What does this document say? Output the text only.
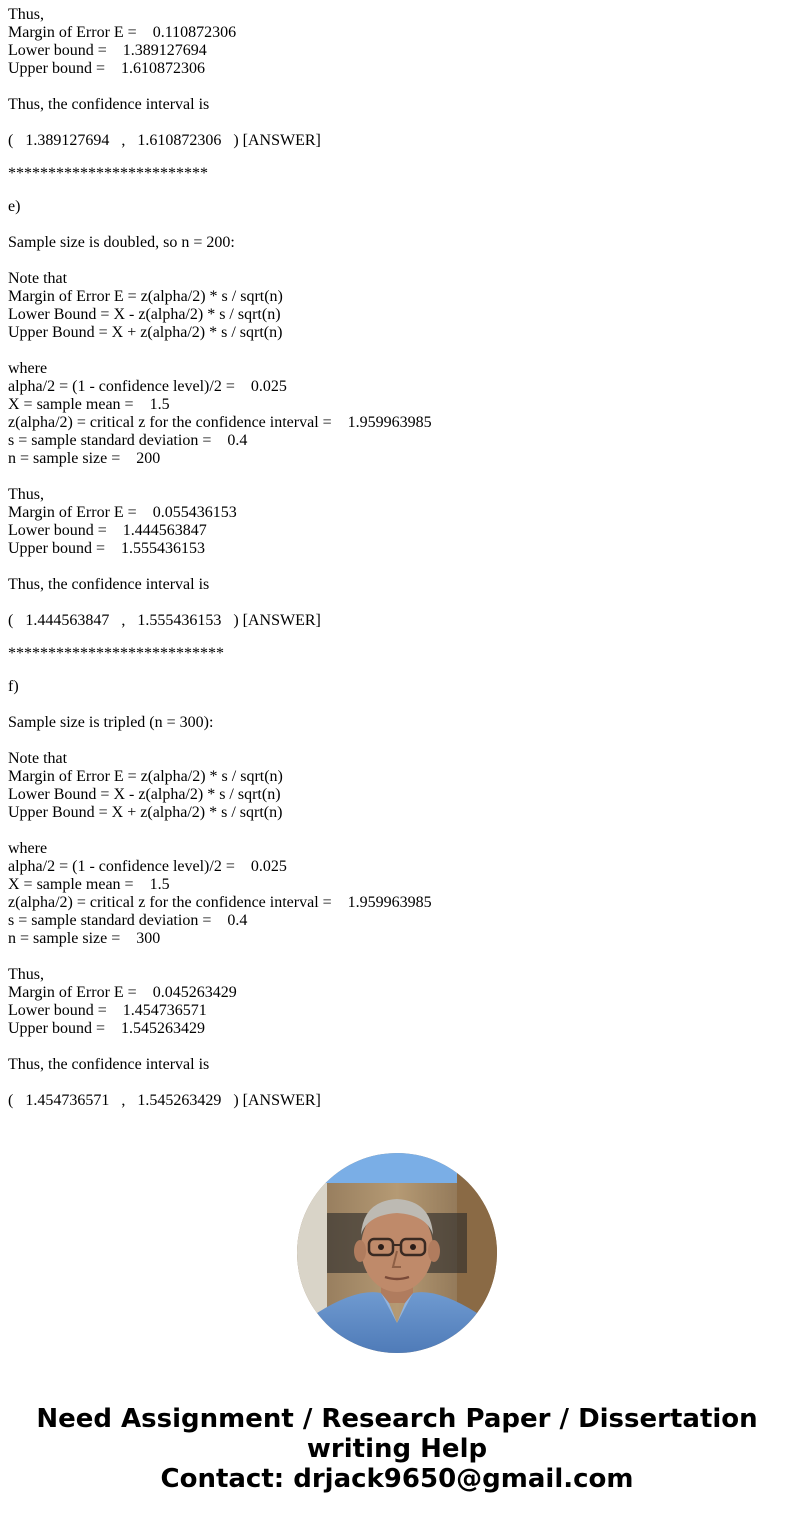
Thus,
Margin of Error E =    0.110872306
Lower bound =    1.389127694
Upper bound =    1.610872306
Thus, the confidence interval is
(   1.389127694   ,   1.610872306   ) [ANSWER]
*************************
e)
Sample size is doubled, so n = 200:
Note that
Margin of Error E = z(alpha/2) * s / sqrt(n)
Lower Bound = X - z(alpha/2) * s / sqrt(n)
Upper Bound = X + z(alpha/2) * s / sqrt(n)
where
alpha/2 = (1 - confidence level)/2 =    0.025
X = sample mean =    1.5
z(alpha/2) = critical z for the confidence interval =    1.959963985
s = sample standard deviation =    0.4
n = sample size =    200
Thus,
Margin of Error E =    0.055436153
Lower bound =    1.444563847
Upper bound =    1.555436153
Thus, the confidence interval is
(   1.444563847   ,   1.555436153   ) [ANSWER]
***************************
f)
Sample size is tripled (n = 300):
Note that
Margin of Error E = z(alpha/2) * s / sqrt(n)
Lower Bound = X - z(alpha/2) * s / sqrt(n)
Upper Bound = X + z(alpha/2) * s / sqrt(n)
where
alpha/2 = (1 - confidence level)/2 =    0.025
X = sample mean =    1.5
z(alpha/2) = critical z for the confidence interval =    1.959963985
s = sample standard deviation =    0.4
n = sample size =    300
Thus,
Margin of Error E =    0.045263429
Lower bound =    1.454736571
Upper bound =    1.545263429
Thus, the confidence interval is
(   1.454736571   ,   1.545263429   ) [ANSWER]
Need Assignment / Research Paper / Dissertation
writing Help
Contact: drjack9650@gmail.com
